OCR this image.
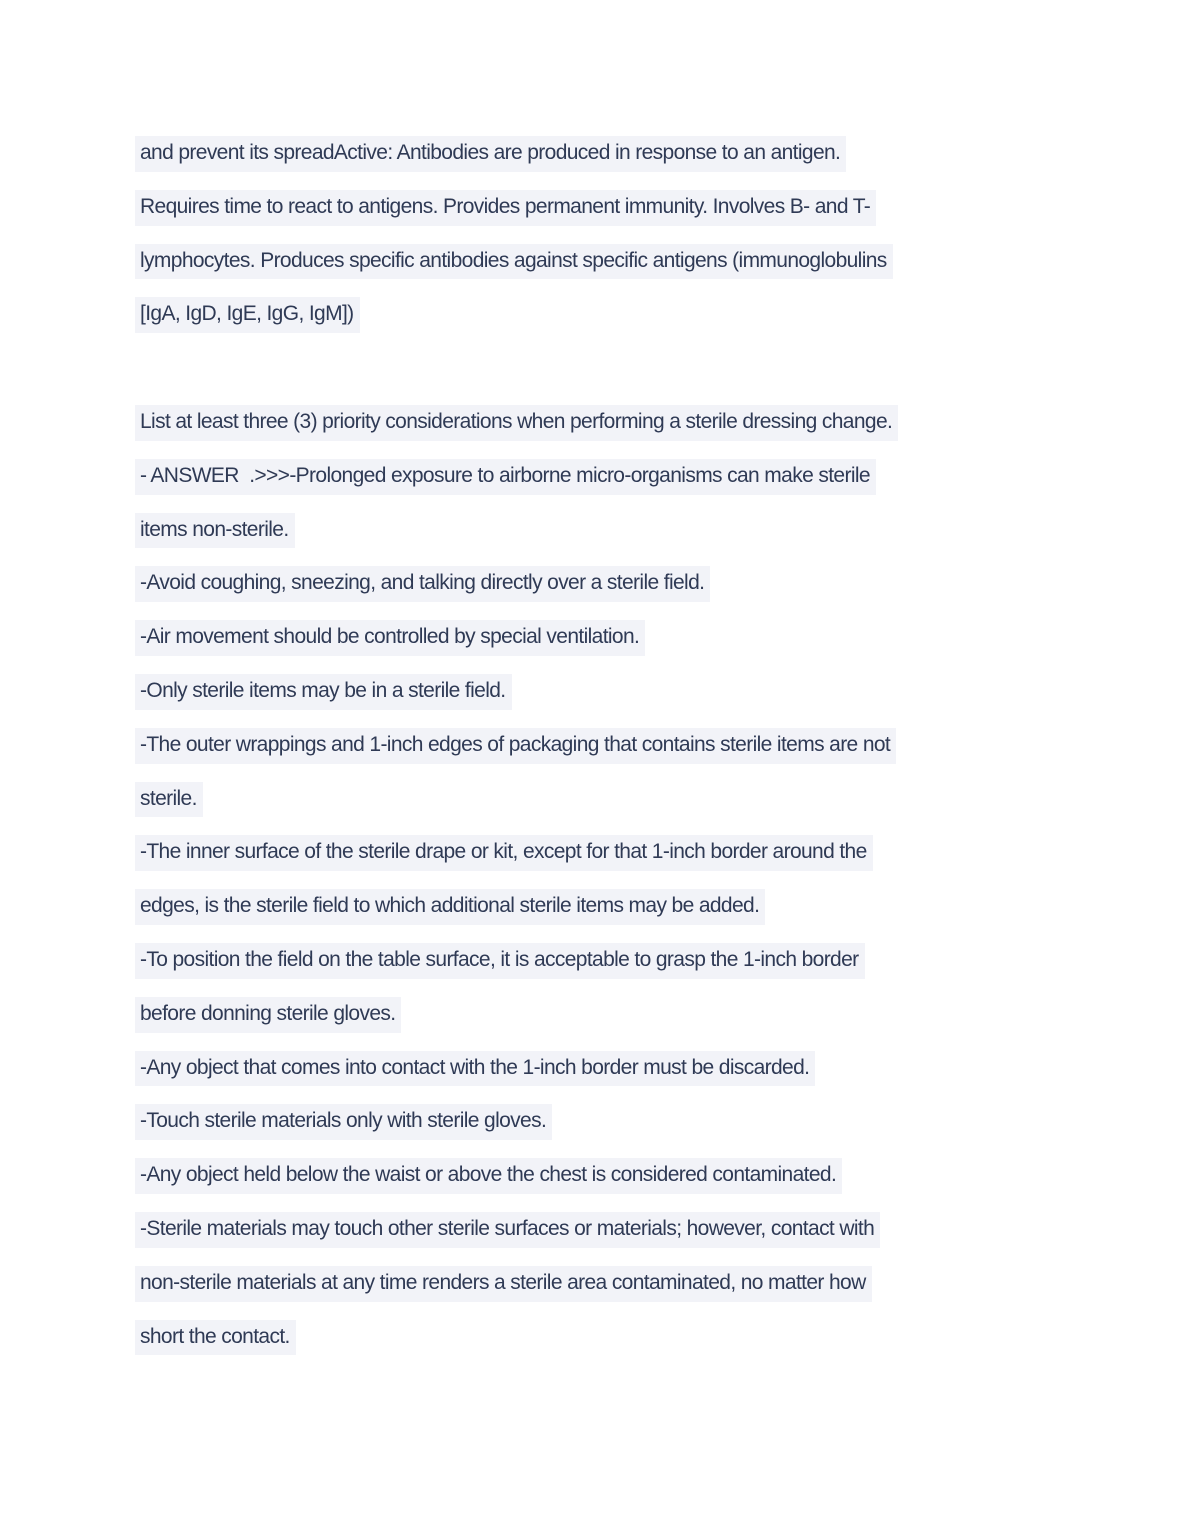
and prevent its spreadActive: Antibodies are produced in response to an antigen.
Requires time to react to antigens. Provides permanent immunity. Involves B- and T-
lymphocytes. Produces specific antibodies against specific antigens (immunoglobulins
[IgA, IgD, IgE, IgG, IgM])
List at least three (3) priority considerations when performing a sterile dressing change.
- ANSWER  .>>>-Prolonged exposure to airborne micro-organisms can make sterile
items non-sterile.
-Avoid coughing, sneezing, and talking directly over a sterile field.
-Air movement should be controlled by special ventilation.
-Only sterile items may be in a sterile field.
-The outer wrappings and 1-inch edges of packaging that contains sterile items are not
sterile.
-The inner surface of the sterile drape or kit, except for that 1-inch border around the
edges, is the sterile field to which additional sterile items may be added.
-To position the field on the table surface, it is acceptable to grasp the 1-inch border
before donning sterile gloves.
-Any object that comes into contact with the 1-inch border must be discarded.
-Touch sterile materials only with sterile gloves.
-Any object held below the waist or above the chest is considered contaminated.
-Sterile materials may touch other sterile surfaces or materials; however, contact with
non-sterile materials at any time renders a sterile area contaminated, no matter how
short the contact.
